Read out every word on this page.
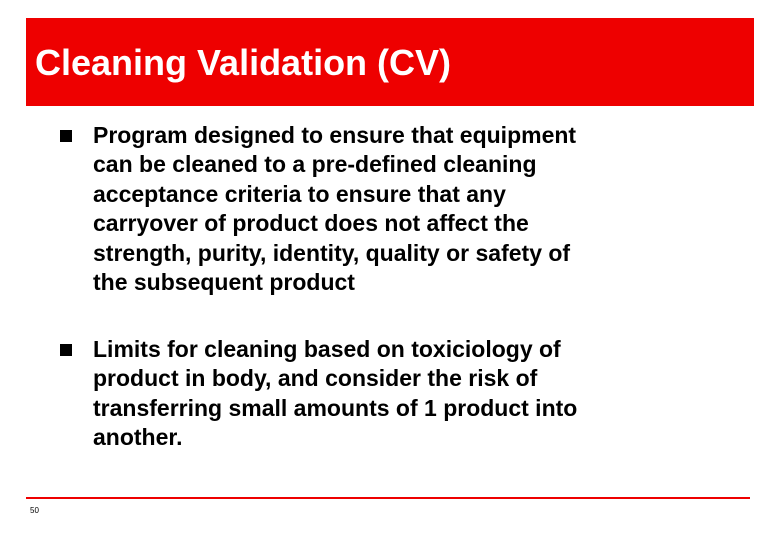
Cleaning Validation (CV)

Program designed to ensure that equipment
can be cleaned to a pre-defined cleaning
acceptance criteria to ensure that any
carryover of product does not affect the
strength, purity, identity, quality or safety of
the subsequent product

Limits for cleaning based on toxiciology of
product in body, and consider the risk of
transferring small amounts of 1 product into
another.

50
